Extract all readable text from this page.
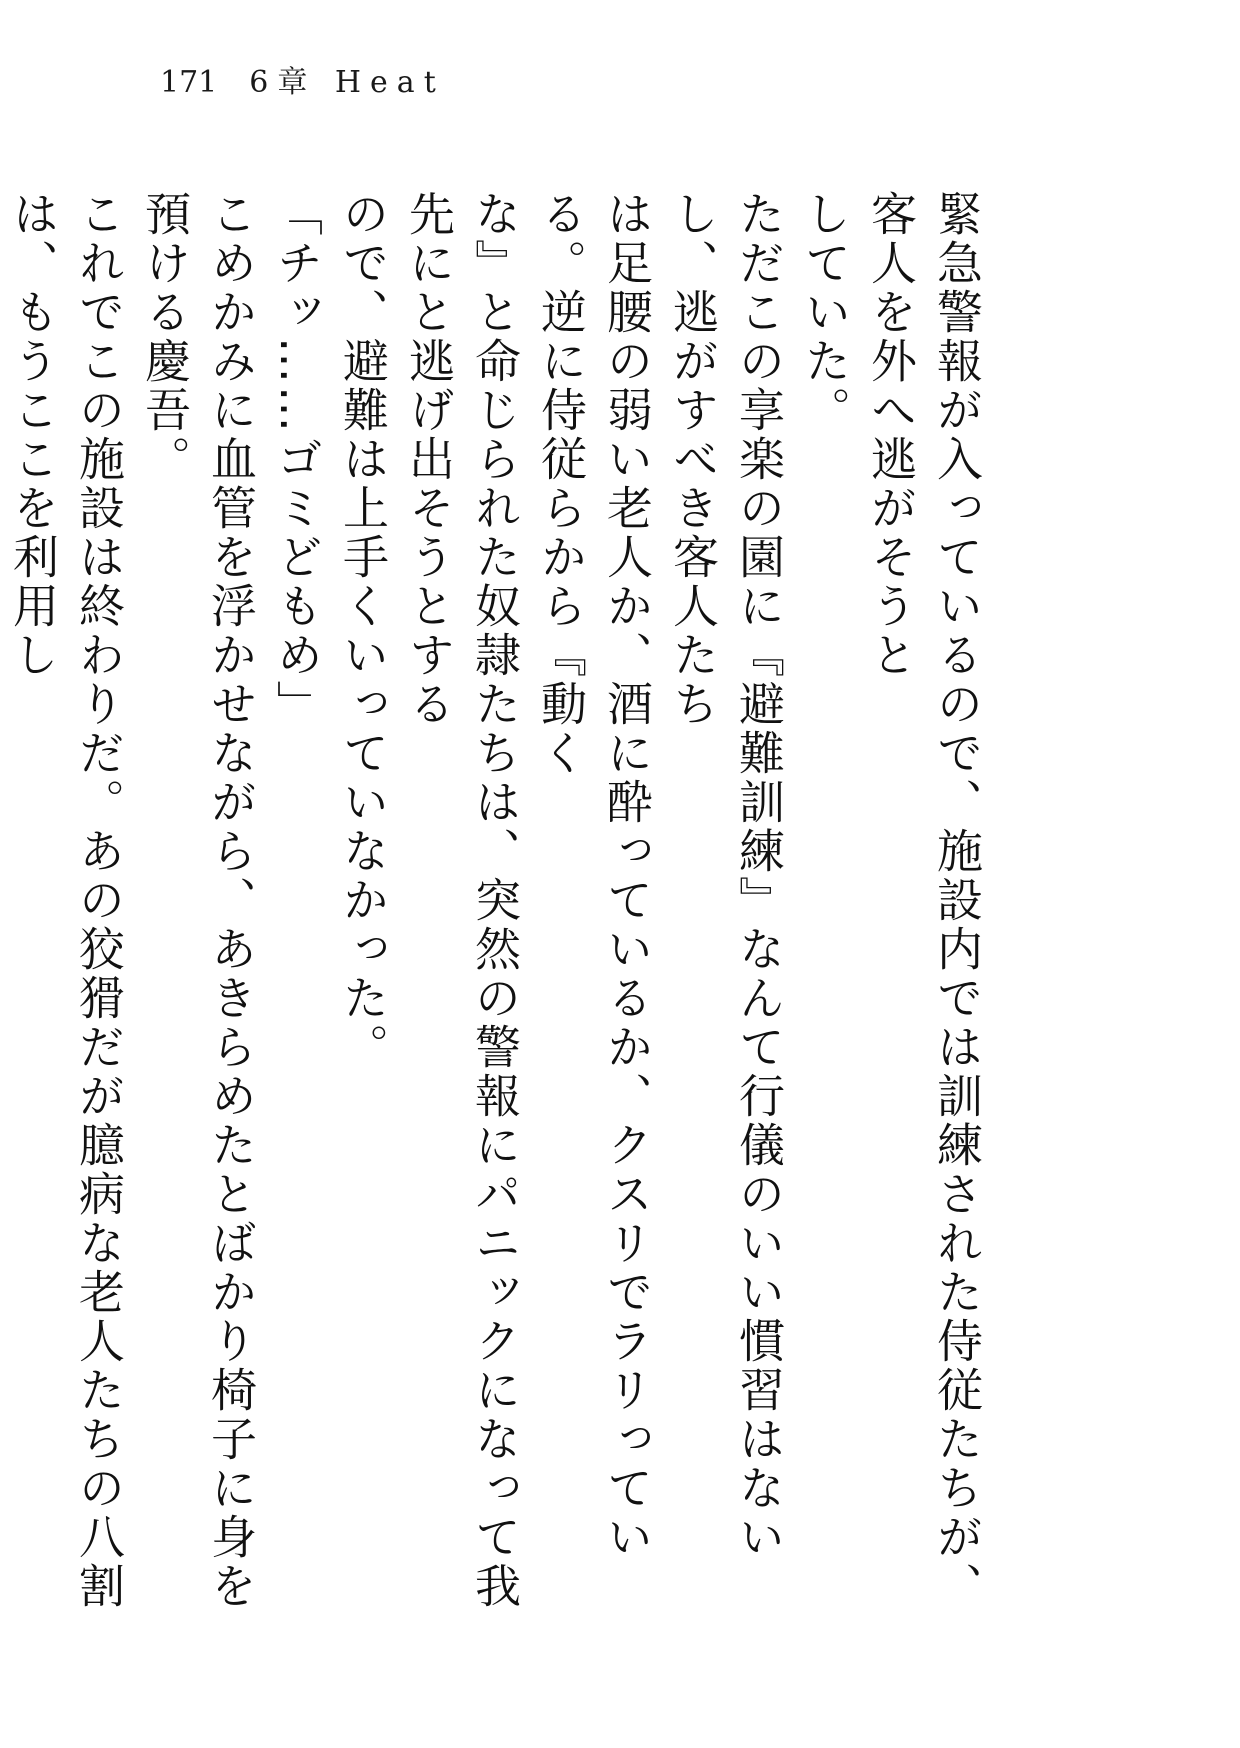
171 6章 Heat

緊急警報が入っているので、施設内では訓練された侍従たちが、客人を外へ逃がそうと

していた。

ただこの享楽の園に『避難訓練』なんて行儀のいい慣習はないし、逃がすべき客人たち

は足腰の弱い老人か、酒に酔っているか、クスリでラリっている。逆に侍従らから『動く

な』と命じられた奴隷たちは、突然の警報にパニックになって我先にと逃げ出そうとする

ので、避難は上手くいっていなかった。

「チッ……ゴミどもめ」

こめかみに血管を浮かせながら、あきらめたとばかり椅子に身を預ける慶吾。

これでこの施設は終わりだ。あの狡猾だが臆病な老人たちの八割は、もうここを利用し
